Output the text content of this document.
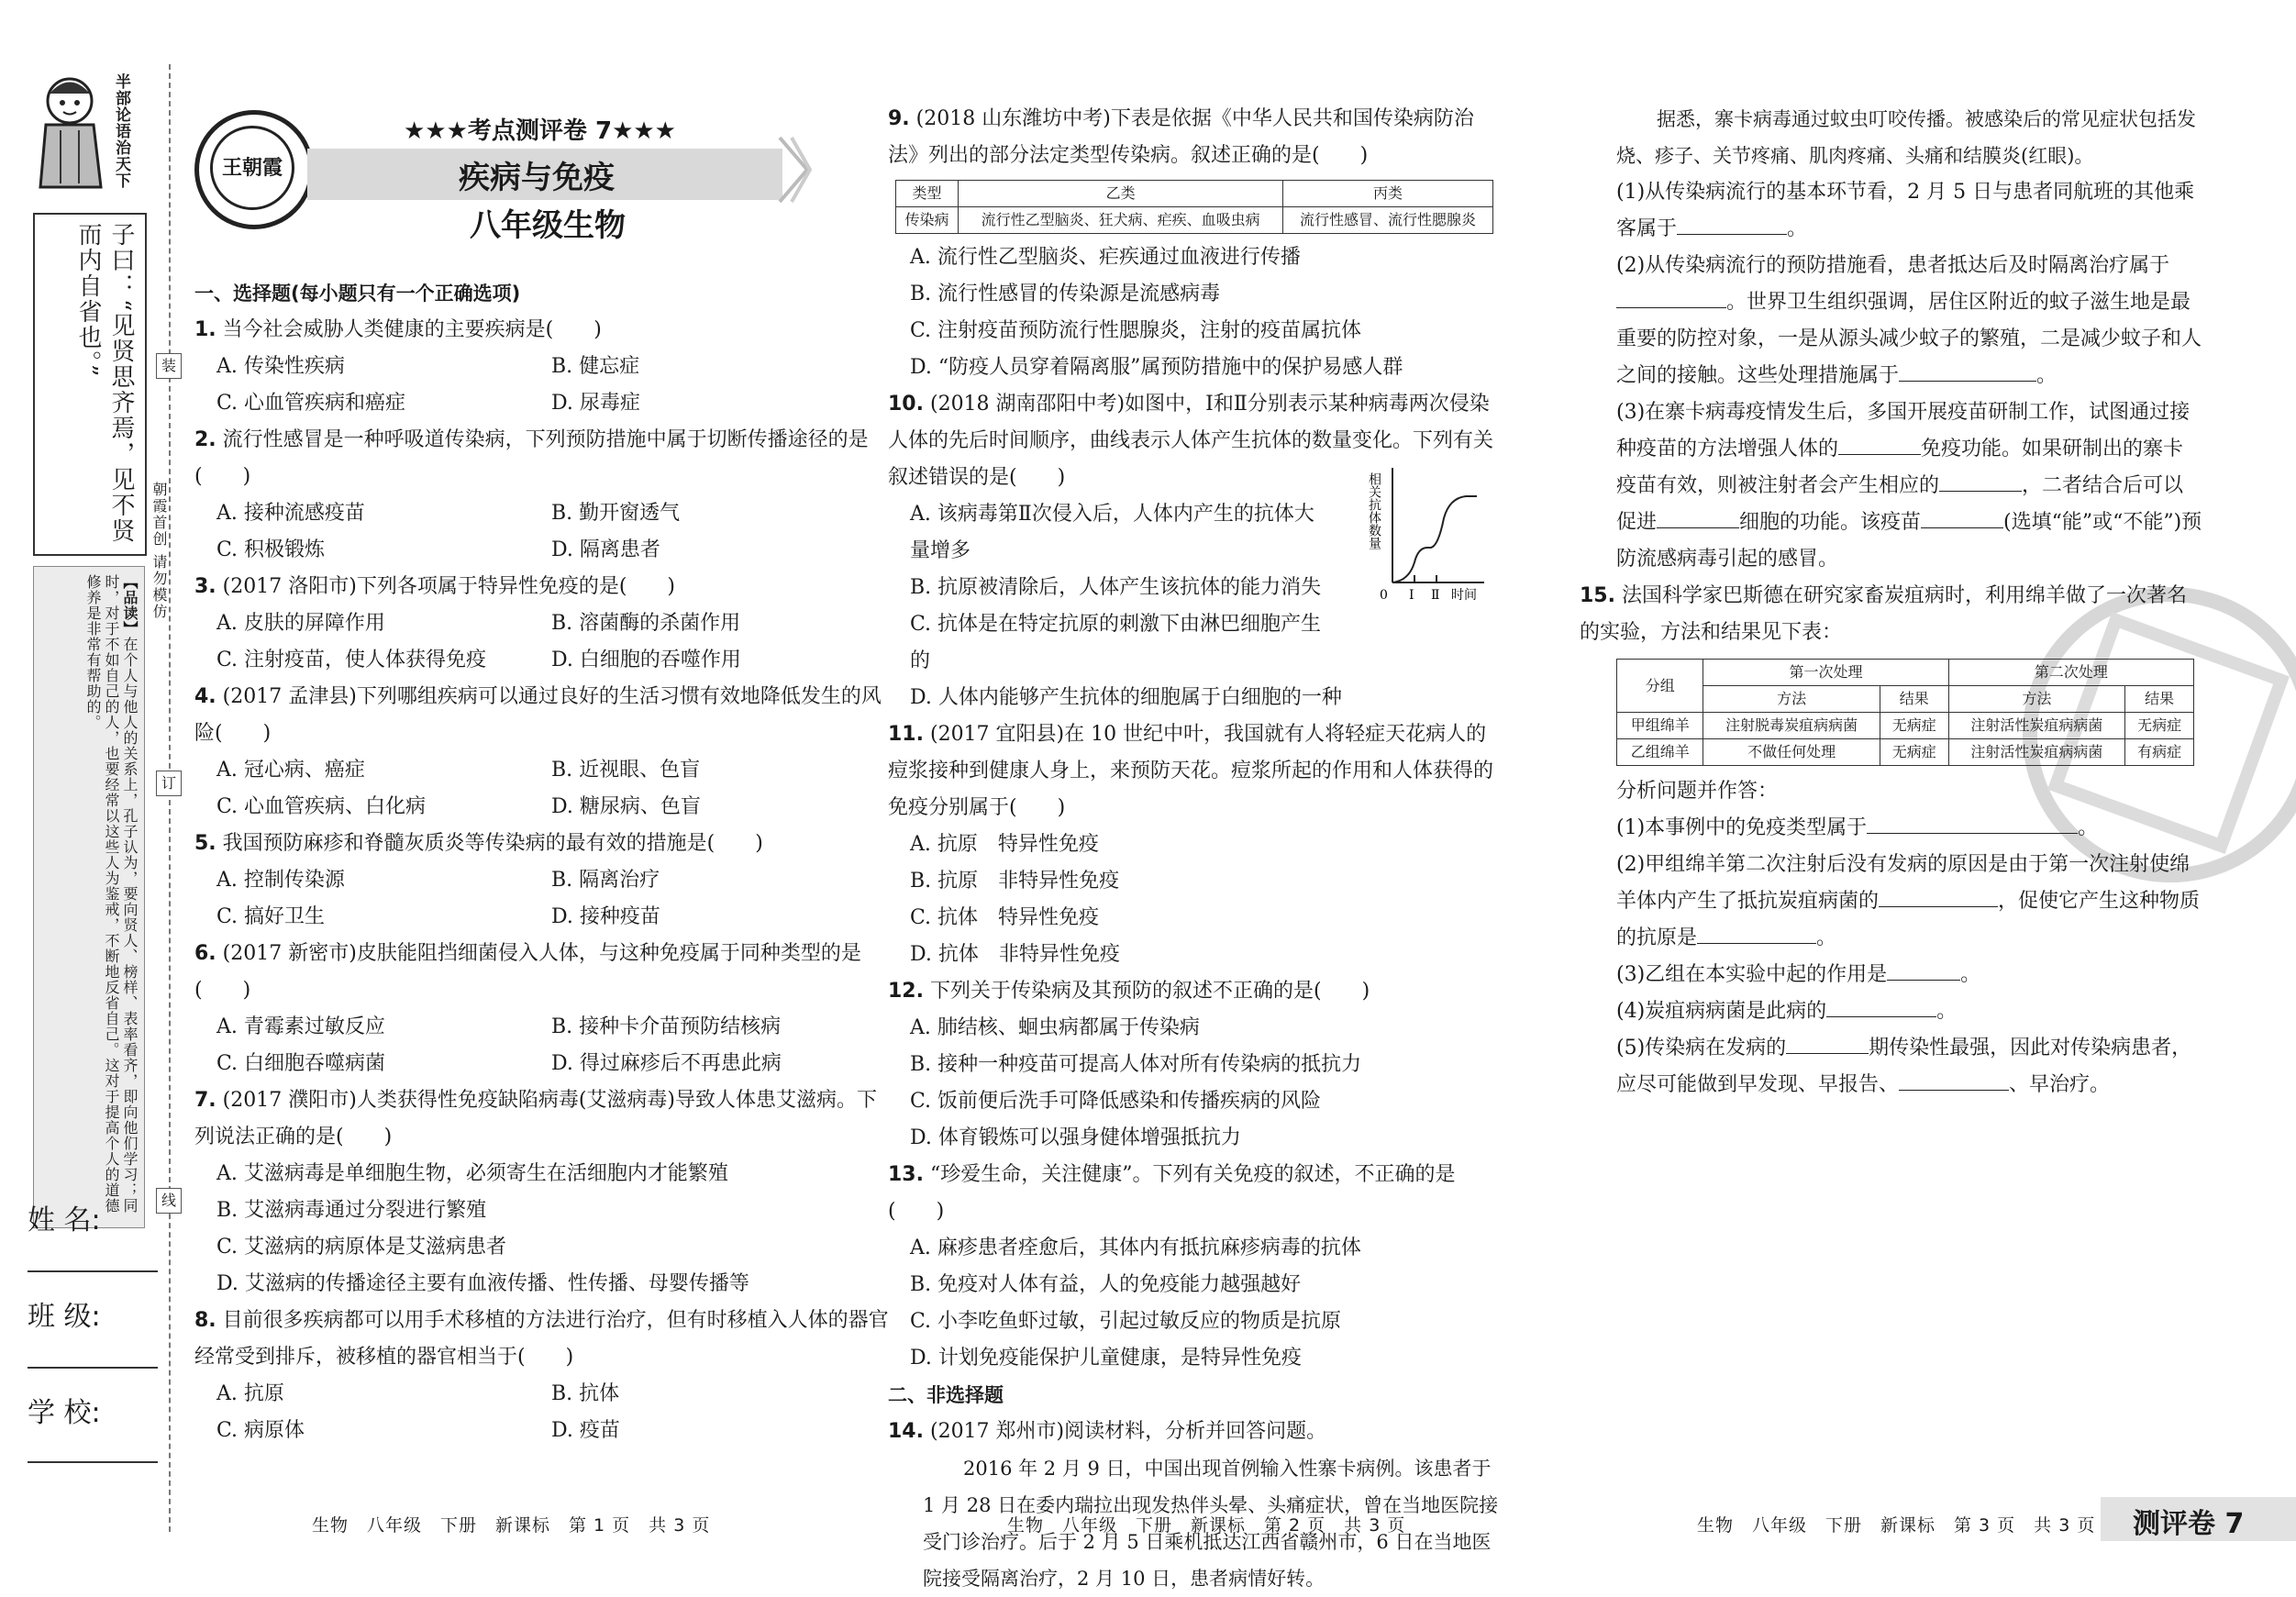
半部论语治天下
子曰：“见贤思齐焉，见不贤而内自省也。”
【品读】在个人与他人的关系上，孔子认为，要向贤人、榜样、表率看齐，即向他们学习；同时，对于不如自己的人，也要经常以这些人为鉴戒，不断地反省自己。这对于提高个人的道德修养是非常有帮助的。
姓 名:
班 级:
学 校:
装
订
线
朝霞首创 请勿模仿
王朝霞
★★★考点测评卷 7★★★
疾病与免疫
八年级生物

一、选择题(每小题只有一个正确选项)

1. 当今社会威胁人类健康的主要疾病是(　　)

A. 传染性疾病	B. 健忘症
C. 心血管疾病和癌症	D. 尿毒症

2. 流行性感冒是一种呼吸道传染病，下列预防措施中属于切断传播途径的是(　　)

A. 接种流感疫苗	B. 勤开窗透气
C. 积极锻炼	D. 隔离患者

3. (2017 洛阳市)下列各项属于特异性免疫的是(　　)

A. 皮肤的屏障作用	B. 溶菌酶的杀菌作用
C. 注射疫苗，使人体获得免疫	D. 白细胞的吞噬作用

4. (2017 孟津县)下列哪组疾病可以通过良好的生活习惯有效地降低发生的风险(　　)

A. 冠心病、癌症	B. 近视眼、色盲
C. 心血管疾病、白化病	D. 糖尿病、色盲

5. 我国预防麻疹和脊髓灰质炎等传染病的最有效的措施是(　　)

A. 控制传染源	B. 隔离治疗
C. 搞好卫生	D. 接种疫苗

6. (2017 新密市)皮肤能阻挡细菌侵入人体，与这种免疫属于同种类型的是(　　)

A. 青霉素过敏反应	B. 接种卡介苗预防结核病
C. 白细胞吞噬病菌	D. 得过麻疹后不再患此病

7. (2017 濮阳市)人类获得性免疫缺陷病毒(艾滋病毒)导致人体患艾滋病。下列说法正确的是(　　)

A. 艾滋病毒是单细胞生物，必须寄生在活细胞内才能繁殖
B. 艾滋病毒通过分裂进行繁殖
C. 艾滋病的病原体是艾滋病患者
D. 艾滋病的传播途径主要有血液传播、性传播、母婴传播等

8. 目前很多疾病都可以用手术移植的方法进行治疗，但有时移植入人体的器官经常受到排斥，被移植的器官相当于(　　)

A. 抗原	B. 抗体
C. 病原体	D. 疫苗
生物　八年级　下册　新课标　第 1 页　共 3 页

9. (2018 山东潍坊中考)下表是依据《中华人民共和国传染病防治法》列出的部分法定类型传染病。叙述正确的是(　　)

类型	乙类	丙类
传染病	流行性乙型脑炎、狂犬病、疟疾、血吸虫病	流行性感冒、流行性腮腺炎
A. 流行性乙型脑炎、疟疾通过血液进行传播
B. 流行性感冒的传染源是流感病毒
C. 注射疫苗预防流行性腮腺炎，注射的疫苗属抗体
D. “防疫人员穿着隔离服”属预防措施中的保护易感人群

10. (2018 湖南邵阳中考)如图中，Ⅰ和Ⅱ分别表示某种病毒两次侵染人体的先后时间顺序，曲线表示人体产生抗体的数量变化。下列有关叙述错误的是(　　)

A. 该病毒第Ⅱ次侵入后，人体内产生的抗体大量增多
B. 抗原被清除后，人体产生该抗体的能力消失
C. 抗体是在特定抗原的刺激下由淋巴细胞产生的
D. 人体内能够产生抗体的细胞属于白细胞的一种
相关抗体数量
0 Ⅰ Ⅱ 时间

11. (2017 宜阳县)在 10 世纪中叶，我国就有人将轻症天花病人的痘浆接种到健康人身上，来预防天花。痘浆所起的作用和人体获得的免疫分别属于(　　)

A. 抗原　特异性免疫
B. 抗原　非特异性免疫
C. 抗体　特异性免疫
D. 抗体　非特异性免疫

12. 下列关于传染病及其预防的叙述不正确的是(　　)

A. 肺结核、蛔虫病都属于传染病
B. 接种一种疫苗可提高人体对所有传染病的抵抗力
C. 饭前便后洗手可降低感染和传播疾病的风险
D. 体育锻炼可以强身健体增强抵抗力

13. “珍爱生命，关注健康”。下列有关免疫的叙述，不正确的是(　　)

A. 麻疹患者痊愈后，其体内有抵抗麻疹病毒的抗体
B. 免疫对人体有益，人的免疫能力越强越好
C. 小李吃鱼虾过敏，引起过敏反应的物质是抗原
D. 计划免疫能保护儿童健康，是特异性免疫

二、非选择题

14. (2017 郑州市)阅读材料，分析并回答问题。

2016 年 2 月 9 日，中国出现首例输入性寨卡病例。该患者于 1 月 28 日在委内瑞拉出现发热伴头晕、头痛症状，曾在当地医院接受门诊治疗。后于 2 月 5 日乘机抵达江西省赣州市，6 日在当地医院接受隔离治疗，2 月 10 日，患者病情好转。

生物　八年级　下册　新课标　第 2 页　共 3 页

据悉，寨卡病毒通过蚊虫叮咬传播。被感染后的常见症状包括发烧、疹子、关节疼痛、肌肉疼痛、头痛和结膜炎(红眼)。

(1)从传染病流行的基本环节看，2 月 5 日与患者同航班的其他乘客属于	。

(2)从传染病流行的预防措施看，患者抵达后及时隔离治疗属于。世界卫生组织强调，居住区附近的蚊子滋生地是最重要的防控对象，一是从源头减少蚊子的繁殖，二是减少蚊子和人之间的接触。这些处理措施属于	。

(3)在寨卡病毒疫情发生后，多国开展疫苗研制工作，试图通过接种疫苗的方法增强人体的	免疫功能。如果研制出的寨卡疫苗有效，则被注射者会产生相应的	，二者结合后可以促进	细胞的功能。该疫苗	(选填“能”或“不能”)预防流感病毒引起的感冒。

15. 法国科学家巴斯德在研究家畜炭疽病时，利用绵羊做了一次著名的实验，方法和结果见下表：

分组	第一次处理		第二次处理	
	方法	结果	方法	结果
甲组绵羊	注射脱毒炭疽病病菌	无病症	注射活性炭疽病病菌	无病症
乙组绵羊	不做任何处理	无病症	注射活性炭疽病病菌	有病症

分析问题并作答：

(1)本事例中的免疫类型属于	。

(2)甲组绵羊第二次注射后没有发病的原因是由于第一次注射使绵羊体内产生了抵抗炭疽病菌的	，促使它产生这种物质的抗原是	。

(3)乙组在本实验中起的作用是	。

(4)炭疽病病菌是此病的	。

(5)传染病在发病的	期传染性最强，因此对传染病患者，应尽可能做到早发现、早报告、	、早治疗。

生物　八年级　下册　新课标　第 3 页　共 3 页 测评卷 7
